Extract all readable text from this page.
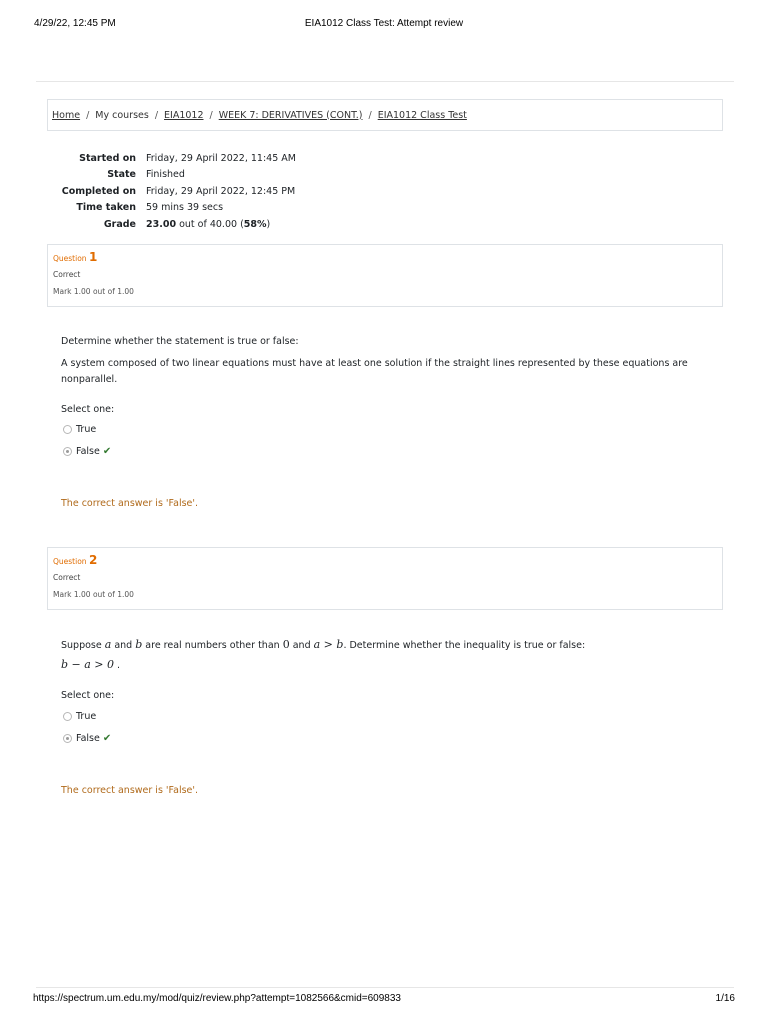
4/29/22, 12:45 PM	EIA1012 Class Test: Attempt review
Home / My courses / EIA1012 / WEEK 7: DERIVATIVES (CONT.) / EIA1012 Class Test
Started on	Friday, 29 April 2022, 11:45 AM
State	Finished
Completed on	Friday, 29 April 2022, 12:45 PM
Time taken	59 mins 39 secs
Grade	23.00 out of 40.00 (58%)
Question 1
Correct
Mark 1.00 out of 1.00

Determine whether the statement is true or false:

A system composed of two linear equations must have at least one solution if the straight lines represented by these equations are nonparallel.

Select one:
True
False ✔
The correct answer is 'False'.
Question 2
Correct
Mark 1.00 out of 1.00

Suppose a and b are real numbers other than 0 and a > b. Determine whether the inequality is true or false:

b − a > 0 .

Select one:
True
False ✔
The correct answer is 'False'.
https://spectrum.um.edu.my/mod/quiz/review.php?attempt=1082566&cmid=609833	1/16
